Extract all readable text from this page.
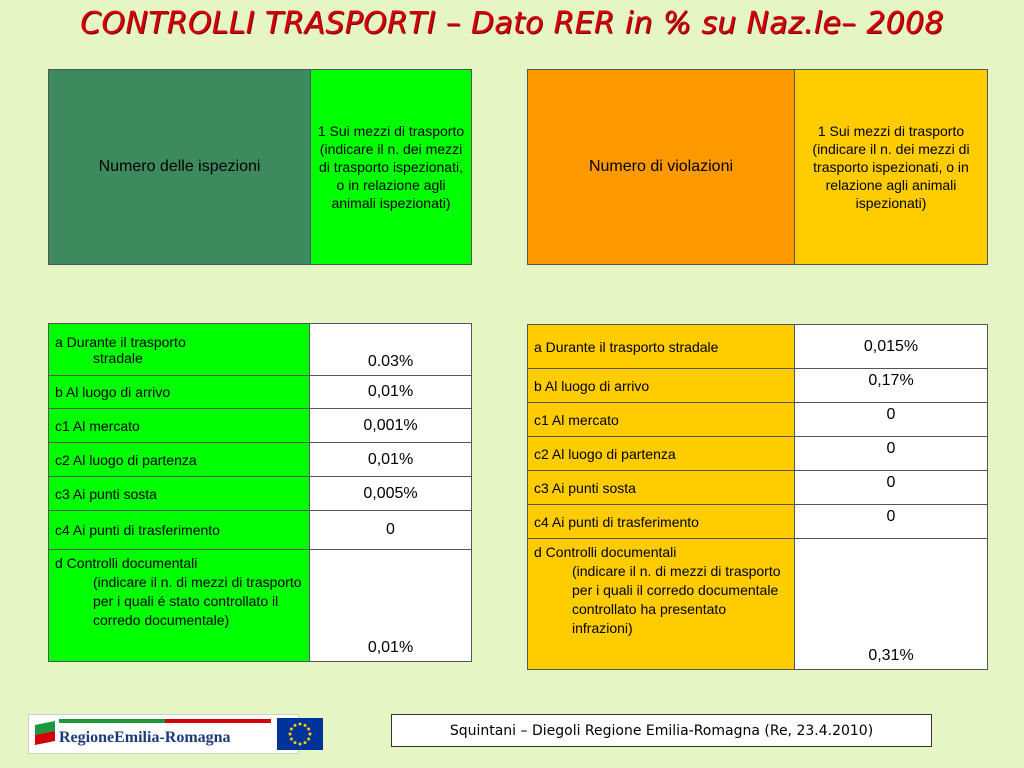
CONTROLLI TRASPORTI – Dato RER in % su Naz.le– 2008
Numero delle ispezioni	1 Sui mezzi di trasporto (indicare il n. dei mezzi di trasporto ispezionati, o in relazione agli animali ispezionati)
Numero di violazioni	1 Sui mezzi di trasporto (indicare il n. dei mezzi di trasporto ispezionati, o in relazione agli animali ispezionati)
a Durante il trasporto
stradale	0.03%
b Al luogo di arrivo	0,01%
c1 Al mercato	0,001%
c2 Al luogo di partenza	0,01%
c3 Ai punti sosta	0,005%
c4 Ai punti di trasferimento	0
d Controlli documentali
(indicare il n. di mezzi di trasporto per i quali é stato controllato il corredo documentale)	0,01%
a Durante il trasporto stradale	0,015%
b Al luogo di arrivo	0,17%
c1 Al mercato	0
c2 Al luogo di partenza	0
c3 Ai punti sosta	0
c4 Ai punti di trasferimento	0
d Controlli documentali
(indicare il n. di mezzi di trasporto per i quali il corredo documentale controllato ha presentato infrazioni)	0,31%
RegioneEmilia-Romagna	Squintani – Diegoli Regione Emilia-Romagna (Re, 23.4.2010)
